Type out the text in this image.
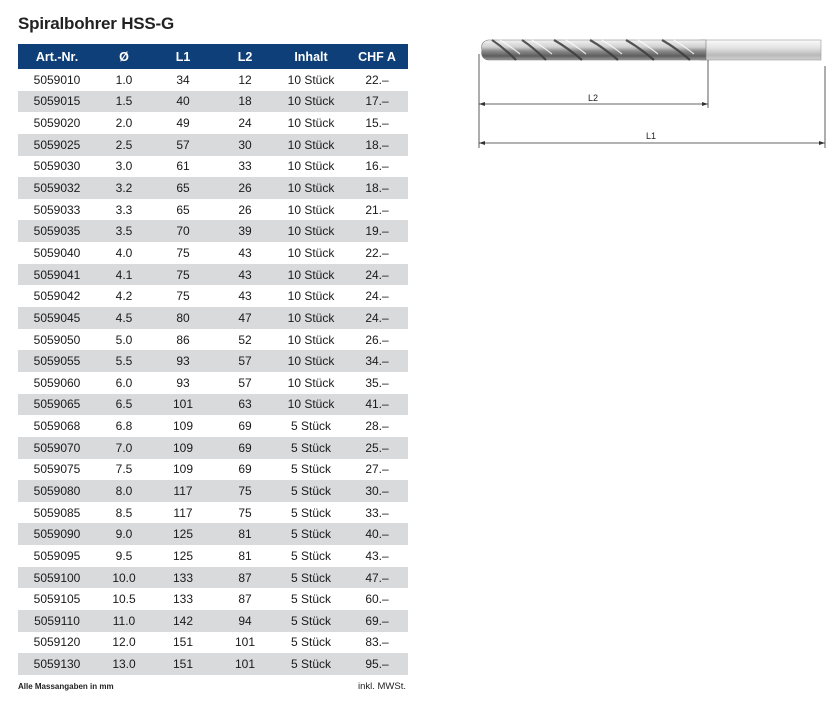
Spiralbohrer HSS-G
Art.-Nr.	Ø	L1	L2	Inhalt	CHF A
5059010	1.0	34	12	10 Stück	22.–
5059015	1.5	40	18	10 Stück	17.–
5059020	2.0	49	24	10 Stück	15.–
5059025	2.5	57	30	10 Stück	18.–
5059030	3.0	61	33	10 Stück	16.–
5059032	3.2	65	26	10 Stück	18.–
5059033	3.3	65	26	10 Stück	21.–
5059035	3.5	70	39	10 Stück	19.–
5059040	4.0	75	43	10 Stück	22.–
5059041	4.1	75	43	10 Stück	24.–
5059042	4.2	75	43	10 Stück	24.–
5059045	4.5	80	47	10 Stück	24.–
5059050	5.0	86	52	10 Stück	26.–
5059055	5.5	93	57	10 Stück	34.–
5059060	6.0	93	57	10 Stück	35.–
5059065	6.5	101	63	10 Stück	41.–
5059068	6.8	109	69	5 Stück	28.–
5059070	7.0	109	69	5 Stück	25.–
5059075	7.5	109	69	5 Stück	27.–
5059080	8.0	117	75	5 Stück	30.–
5059085	8.5	117	75	5 Stück	33.–
5059090	9.0	125	81	5 Stück	40.–
5059095	9.5	125	81	5 Stück	43.–
5059100	10.0	133	87	5 Stück	47.–
5059105	10.5	133	87	5 Stück	60.–
5059110	11.0	142	94	5 Stück	69.–
5059120	12.0	151	101	5 Stück	83.–
5059130	13.0	151	101	5 Stück	95.–
Alle Massangaben in mm	inkl. MWSt.
L2
L1
